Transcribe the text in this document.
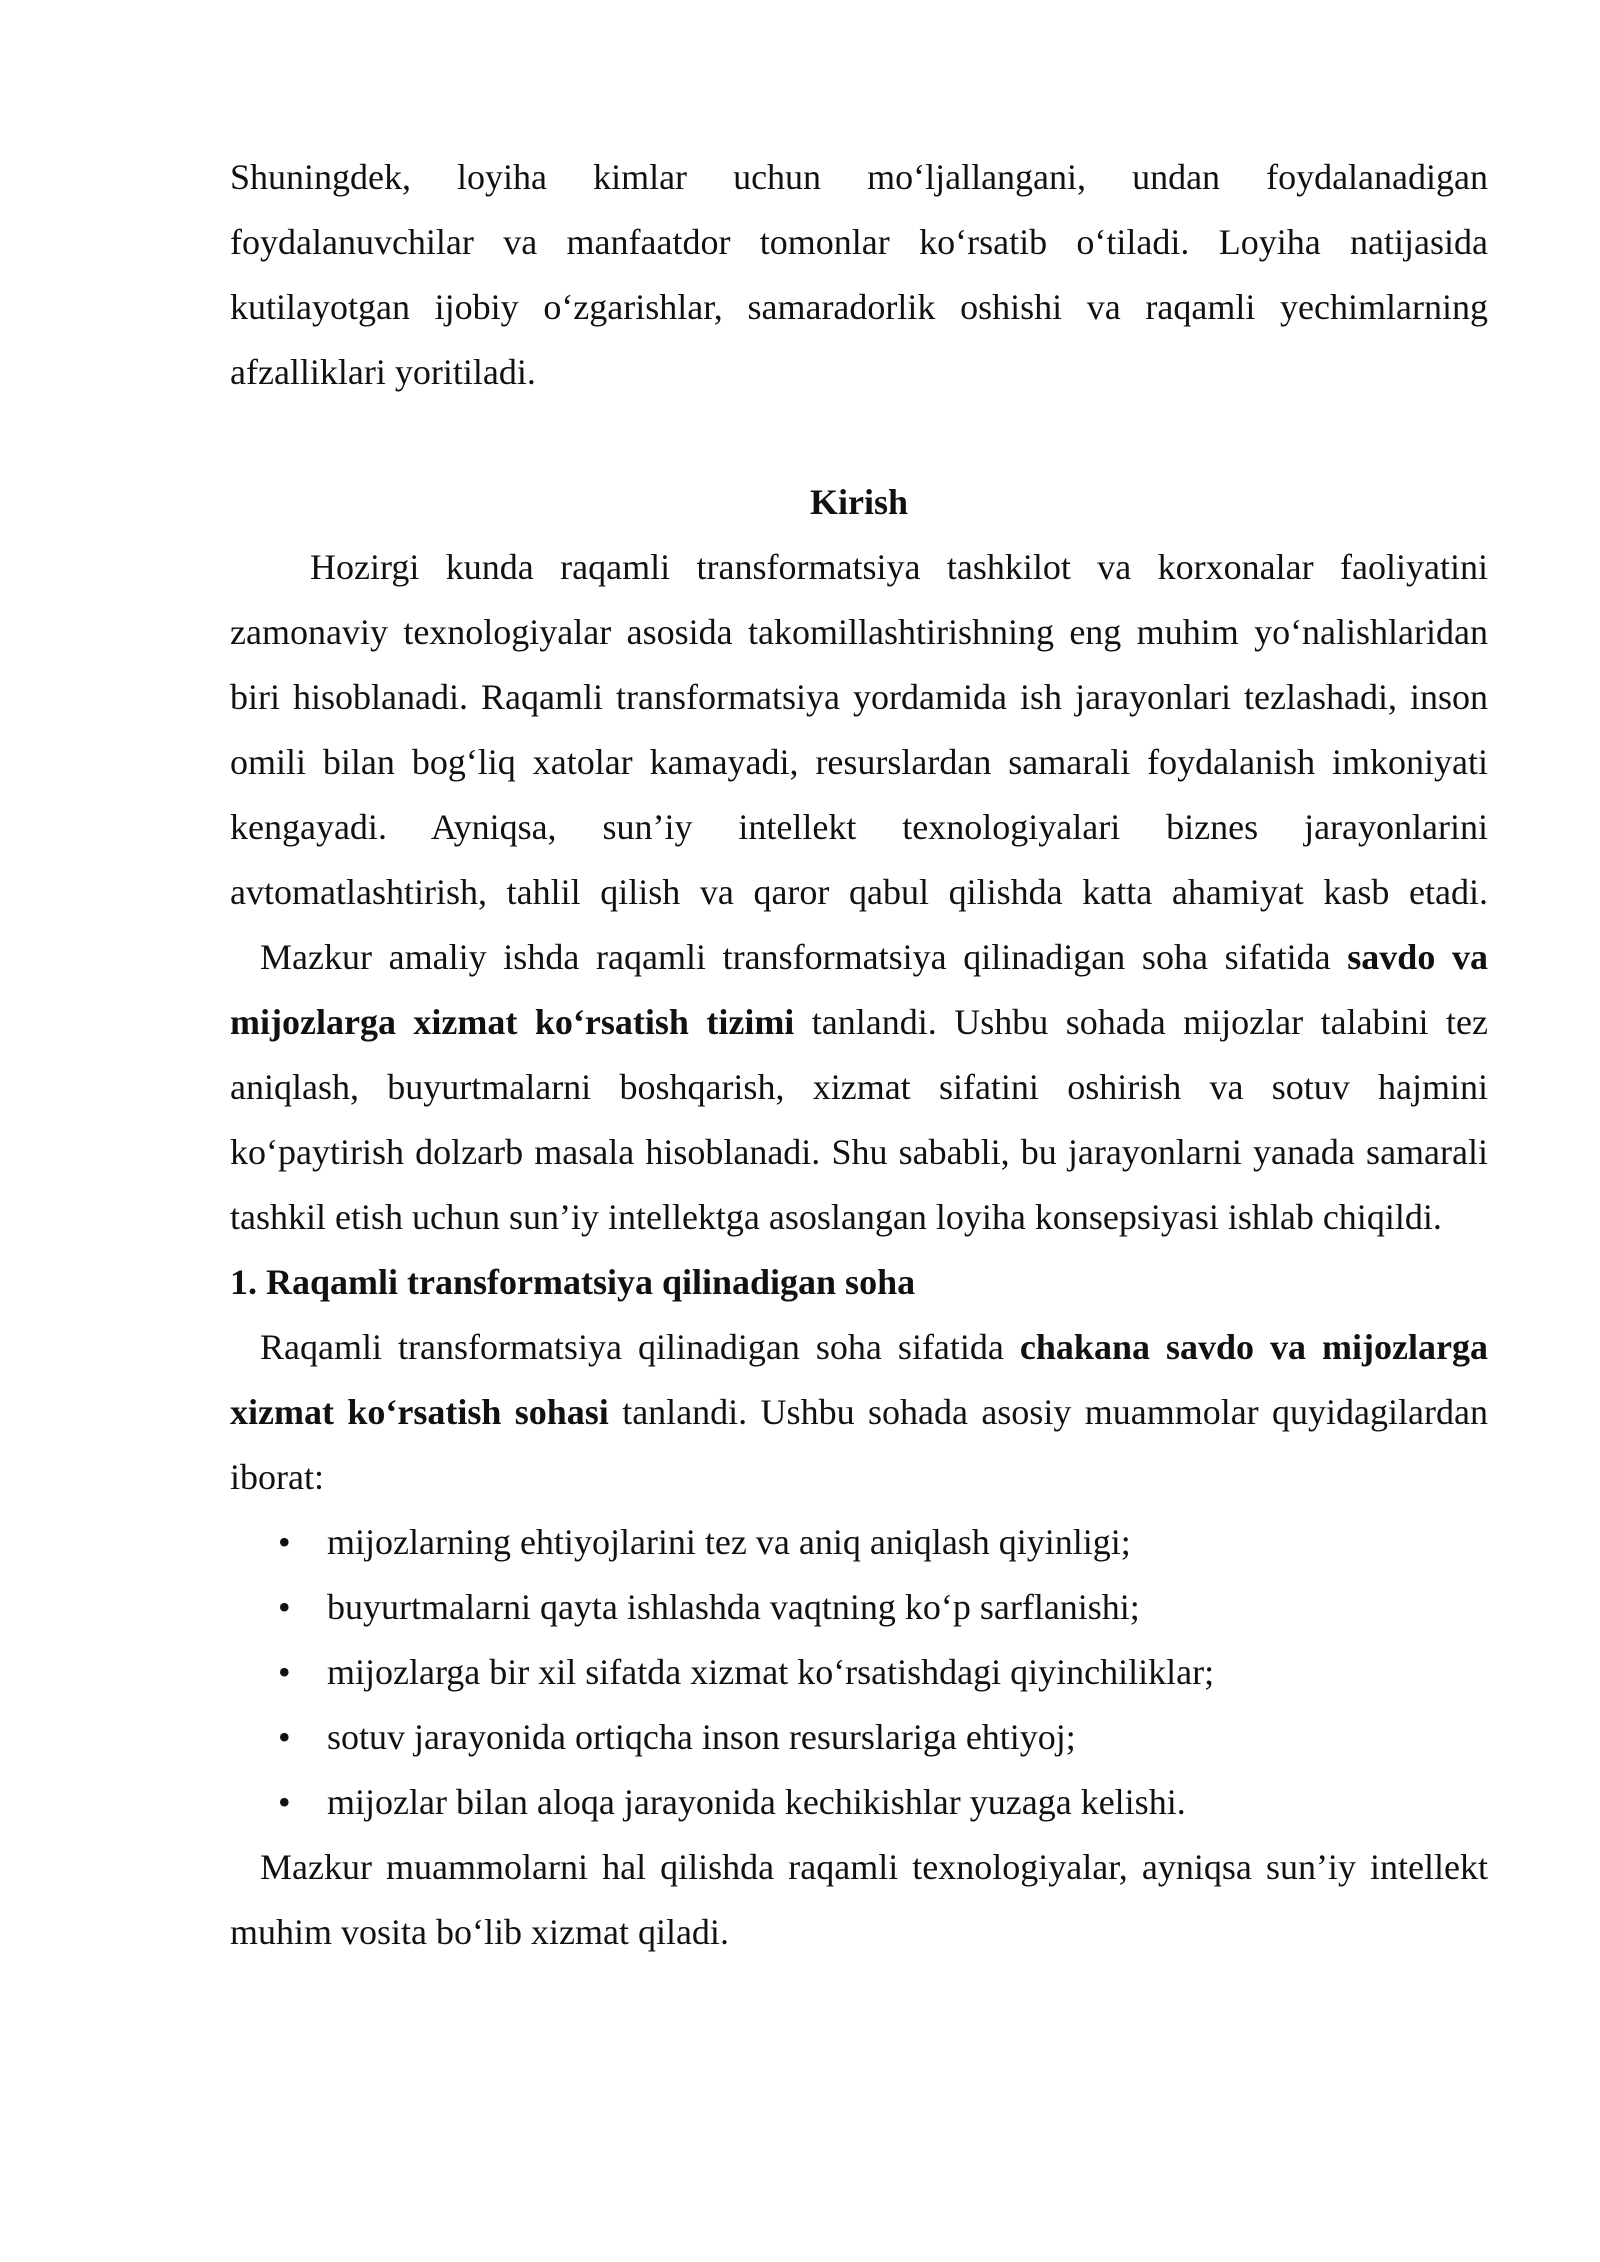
Shuningdek, loyiha kimlar uchun mo‘ljallangani, undan foydalanadigan foydalanuvchilar va manfaatdor tomonlar ko‘rsatib o‘tiladi. Loyiha natijasida kutilayotgan ijobiy o‘zgarishlar, samaradorlik oshishi va raqamli yechimlarning afzalliklari yoritiladi.

Kirish

Hozirgi kunda raqamli transformatsiya tashkilot va korxonalar faoliyatini zamonaviy texnologiyalar asosida takomillashtirishning eng muhim yo‘nalishlaridan biri hisoblanadi. Raqamli transformatsiya yordamida ish jarayonlari tezlashadi, inson omili bilan bog‘liq xatolar kamayadi, resurslardan samarali foydalanish imkoniyati kengayadi. Ayniqsa, sun’iy intellekt texnologiyalari biznes jarayonlarini avtomatlashtirish, tahlil qilish va qaror qabul qilishda katta ahamiyat kasb etadi.

Mazkur amaliy ishda raqamli transformatsiya qilinadigan soha sifatida savdo va mijozlarga xizmat ko‘rsatish tizimi tanlandi. Ushbu sohada mijozlar talabini tez aniqlash, buyurtmalarni boshqarish, xizmat sifatini oshirish va sotuv hajmini ko‘paytirish dolzarb masala hisoblanadi. Shu sababli, bu jarayonlarni yanada samarali tashkil etish uchun sun’iy intellektga asoslangan loyiha konsepsiyasi ishlab chiqildi.

1. Raqamli transformatsiya qilinadigan soha

Raqamli transformatsiya qilinadigan soha sifatida chakana savdo va mijozlarga xizmat ko‘rsatish sohasi tanlandi. Ushbu sohada asosiy muammolar quyidagilardan iborat:

• mijozlarning ehtiyojlarini tez va aniq aniqlash qiyinligi;
• buyurtmalarni qayta ishlashda vaqtning ko‘p sarflanishi;
• mijozlarga bir xil sifatda xizmat ko‘rsatishdagi qiyinchiliklar;
• sotuv jarayonida ortiqcha inson resurslariga ehtiyoj;
• mijozlar bilan aloqa jarayonida kechikishlar yuzaga kelishi.

Mazkur muammolarni hal qilishda raqamli texnologiyalar, ayniqsa sun’iy intellekt muhim vosita bo‘lib xizmat qiladi.
